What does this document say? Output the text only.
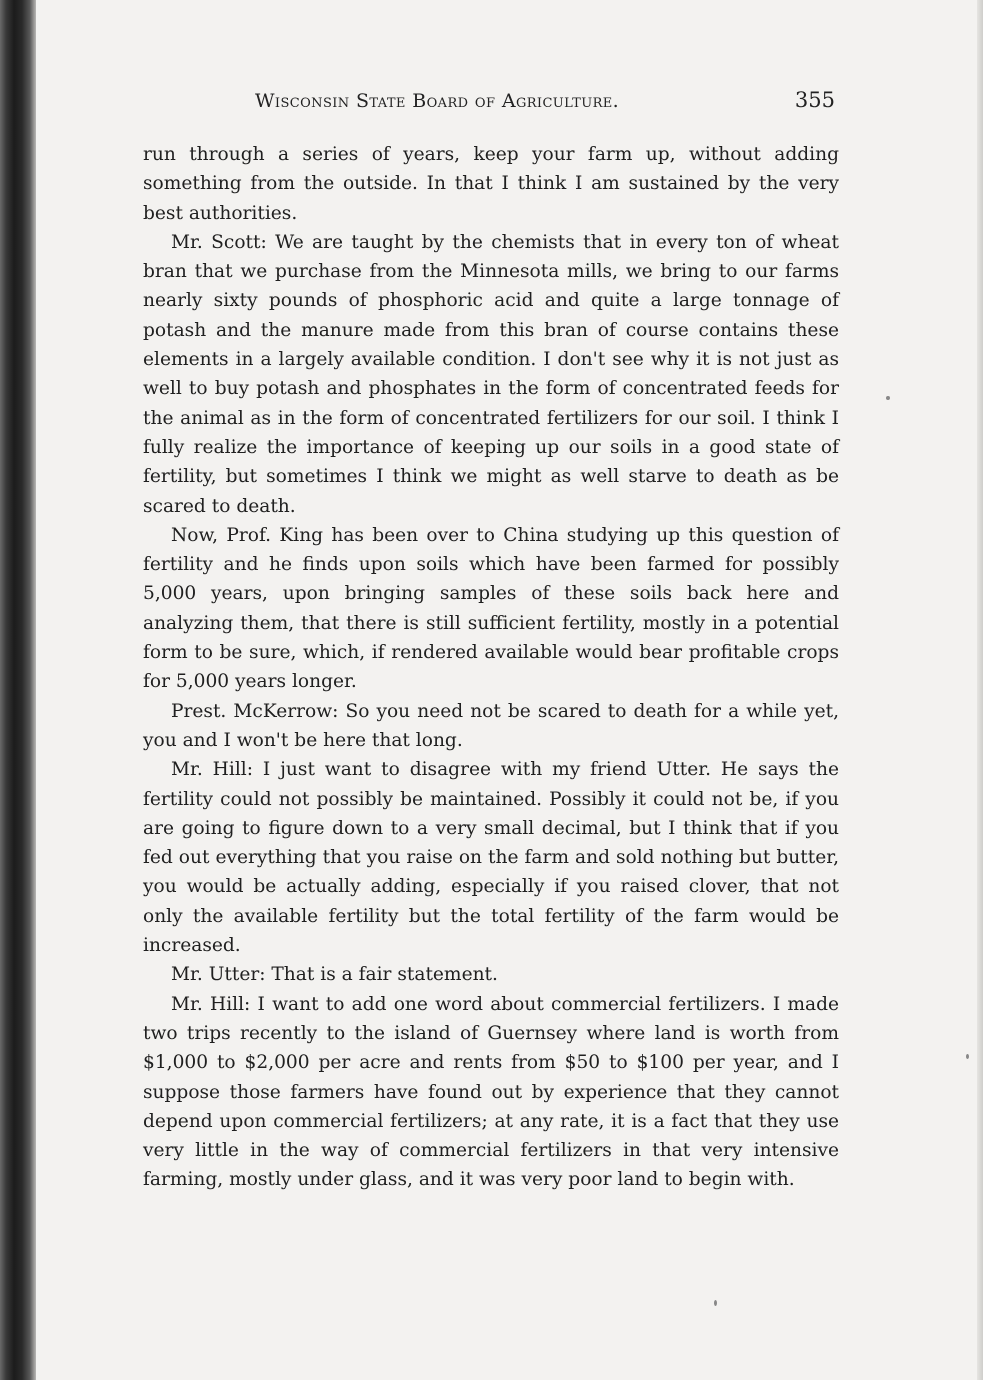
Wisconsin State Board of Agriculture.	355

run through a series of years, keep your farm up, without adding something from the outside. In that I think I am sustained by the very best authorities.

Mr. Scott: We are taught by the chemists that in every ton of wheat bran that we purchase from the Minnesota mills, we bring to our farms nearly sixty pounds of phosphoric acid and quite a large tonnage of potash and the manure made from this bran of course contains these elements in a largely available condition. I don't see why it is not just as well to buy potash and phosphates in the form of concentrated feeds for the animal as in the form of concentrated fertilizers for our soil. I think I fully realize the importance of keeping up our soils in a good state of fertility, but sometimes I think we might as well starve to death as be scared to death.

Now, Prof. King has been over to China studying up this question of fertility and he finds upon soils which have been farmed for possibly 5,000 years, upon bringing samples of these soils back here and analyzing them, that there is still sufficient fertility, mostly in a potential form to be sure, which, if rendered available would bear profitable crops for 5,000 years longer.

Prest. McKerrow: So you need not be scared to death for a while yet, you and I won't be here that long.

Mr. Hill: I just want to disagree with my friend Utter. He says the fertility could not possibly be maintained. Possibly it could not be, if you are going to figure down to a very small decimal, but I think that if you fed out everything that you raise on the farm and sold nothing but butter, you would be actually adding, especially if you raised clover, that not only the available fertility but the total fertility of the farm would be increased.

Mr. Utter: That is a fair statement.

Mr. Hill: I want to add one word about commercial fertilizers. I made two trips recently to the island of Guernsey where land is worth from $1,000 to $2,000 per acre and rents from $50 to $100 per year, and I suppose those farmers have found out by experience that they cannot depend upon commercial fertilizers; at any rate, it is a fact that they use very little in the way of commercial fertilizers in that very intensive farming, mostly under glass, and it was very poor land to begin with.
